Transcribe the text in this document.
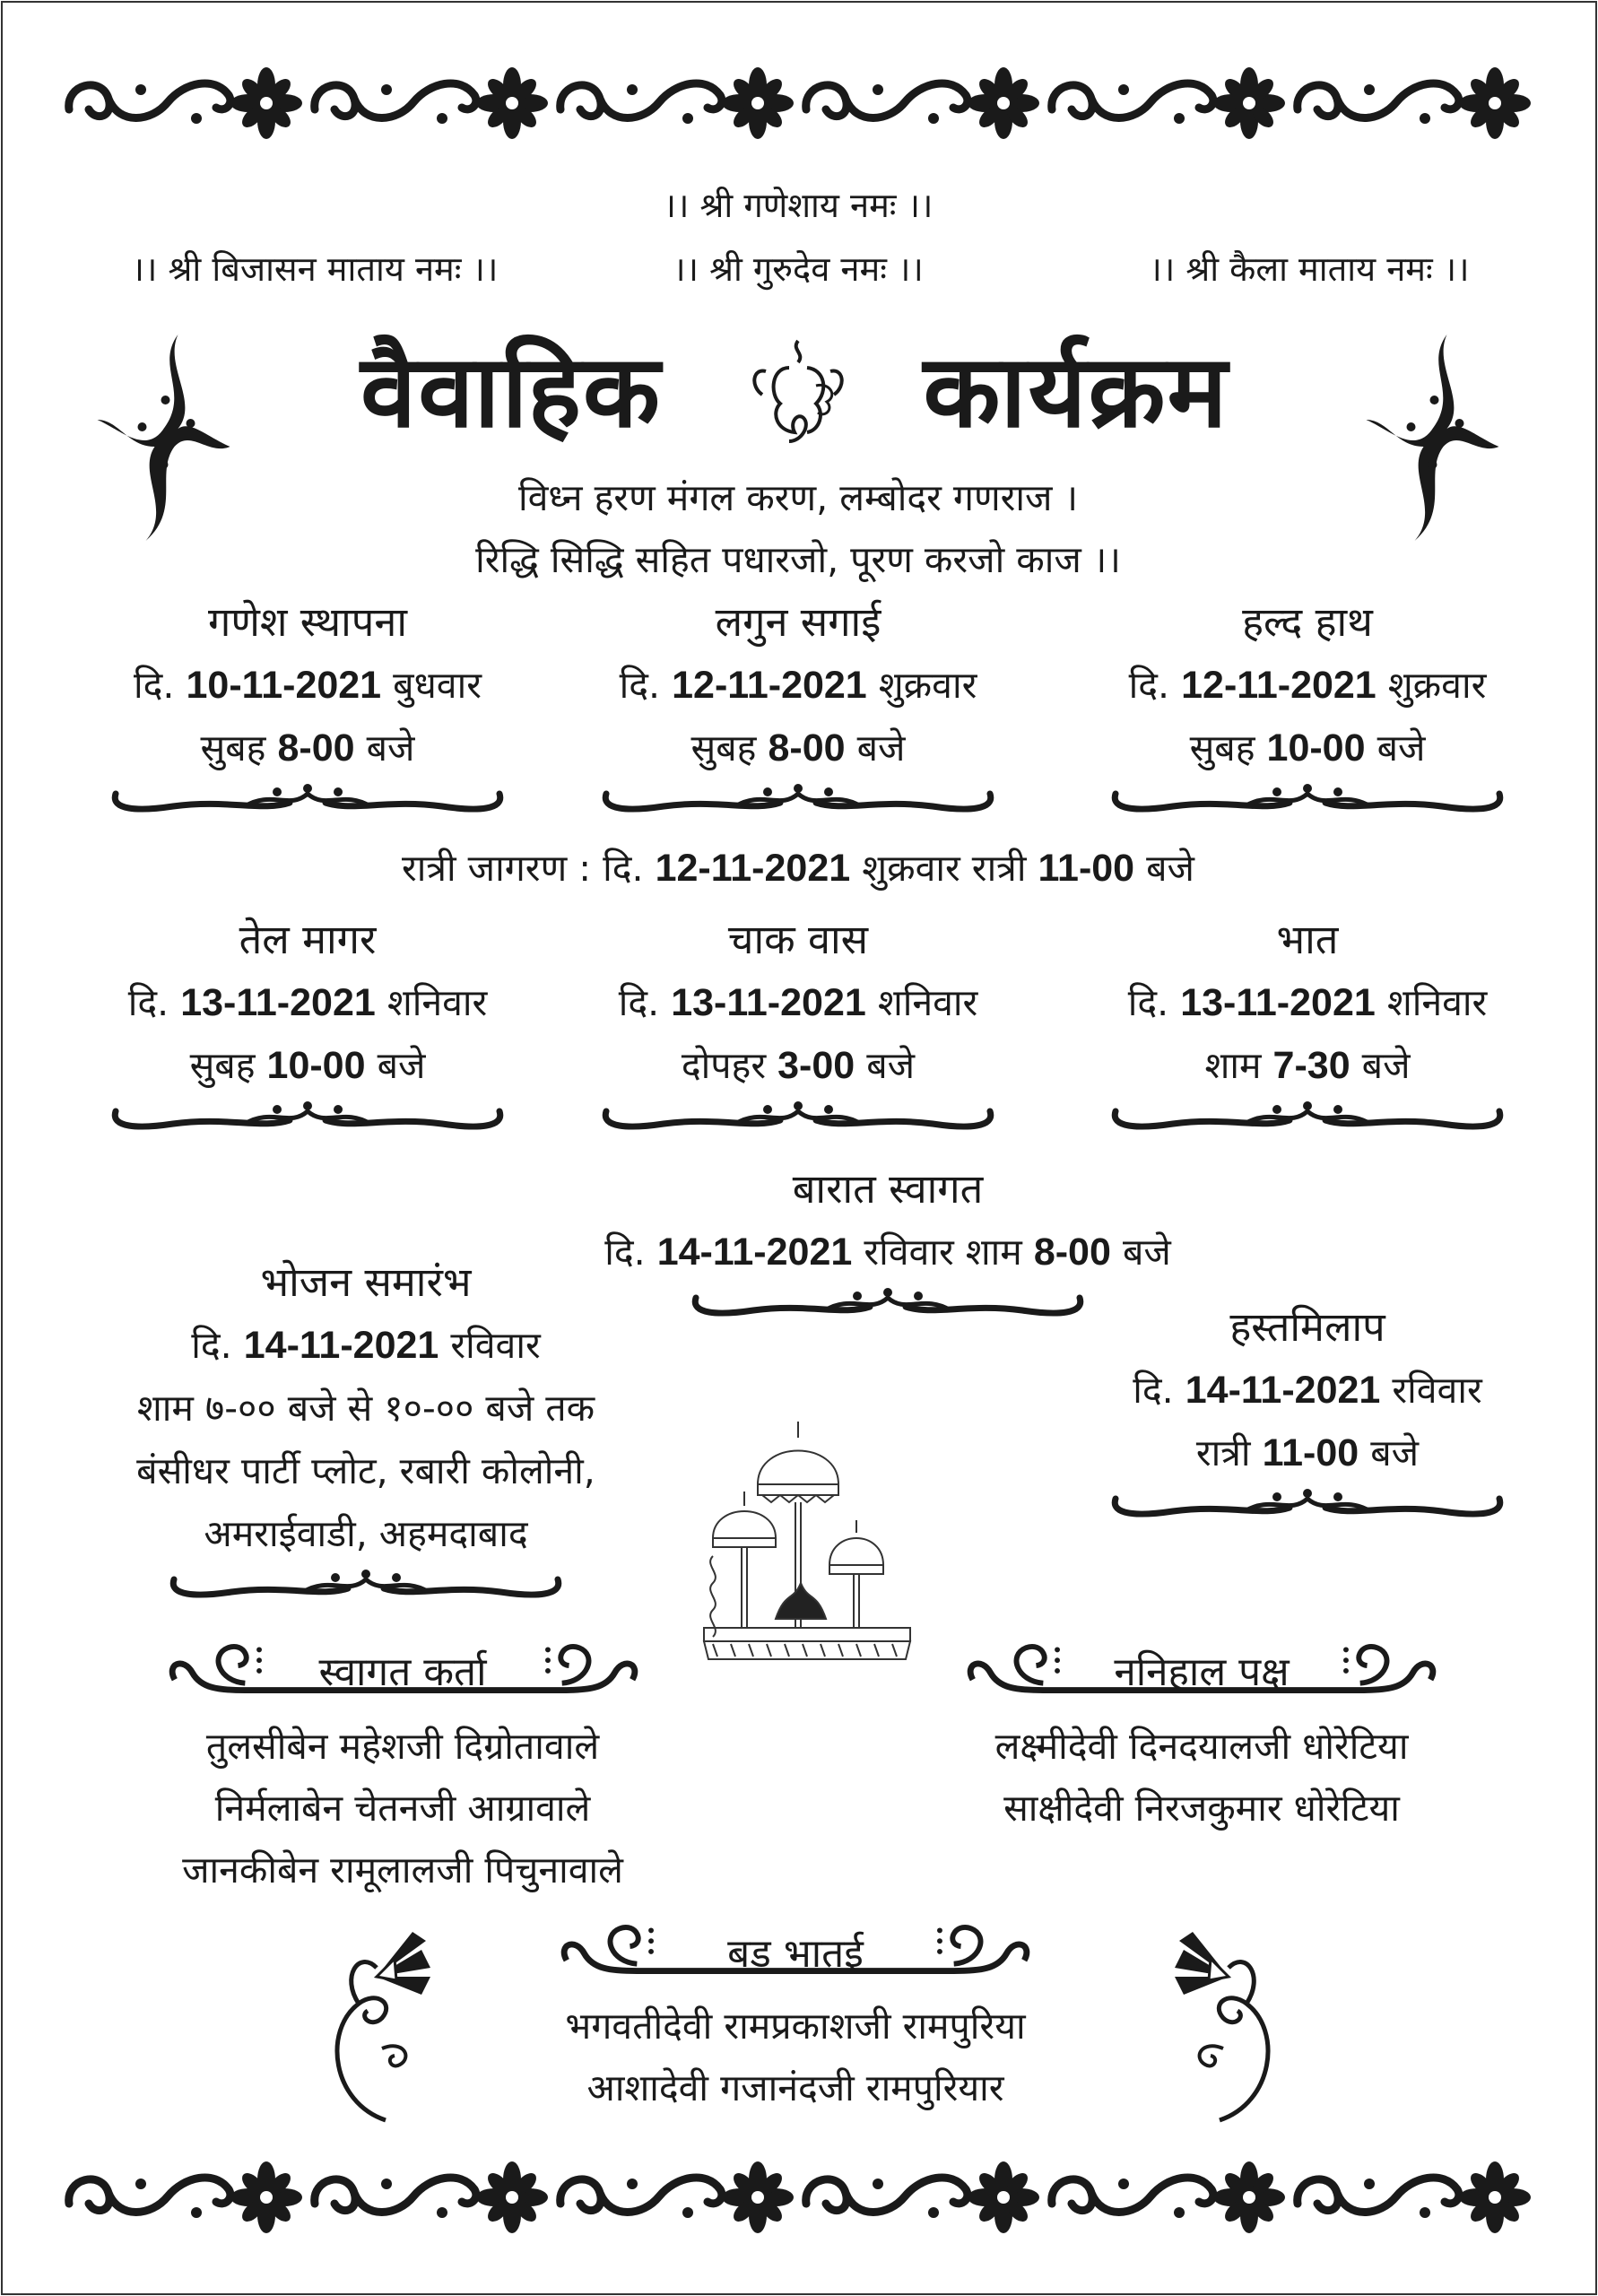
।। श्री गणेशाय नमः ।।
।। श्री बिजासन माताय नमः ।।	।। श्री गुरुदेव नमः ।।	।। श्री कैला माताय नमः ।।
वैवाहिक	कार्यक्रम
विध्न हरण मंगल करण, लम्बोदर गणराज ।
रिद्धि सिद्धि सहित पधारजो, पूरण करजो काज ।।
गणेश स्थापना
दि. 10-11-2021 बुधवार
सुबह 8-00 बजे
लगुन सगाई
दि. 12-11-2021 शुक्रवार
सुबह 8-00 बजे
हल्द हाथ
दि. 12-11-2021 शुक्रवार
सुबह 10-00 बजे
रात्री जागरण : दि. 12-11-2021 शुक्रवार रात्री 11-00 बजे
तेल मागर
दि. 13-11-2021 शनिवार
सुबह 10-00 बजे
चाक वास
दि. 13-11-2021 शनिवार
दोपहर 3-00 बजे
भात
दि. 13-11-2021 शनिवार
शाम 7-30 बजे
बारात स्वागत
दि. 14-11-2021 रविवार शाम 8-00 बजे
भोजन समारंभ
दि. 14-11-2021 रविवार
शाम ७-०० बजे से १०-०० बजे तक
बंसीधर पार्टी प्लोट, रबारी कोलोनी,
अमराईवाडी, अहमदाबाद
हस्तमिलाप
दि. 14-11-2021 रविवार
रात्री 11-00 बजे
स्वागत कर्ता
तुलसीबेन महेशजी दिग्रोतावाले
निर्मलाबेन चेतनजी आग्रावाले
जानकीबेन रामूलालजी पिचुनावाले
ननिहाल पक्ष
लक्ष्मीदेवी दिनदयालजी धोरेटिया
साक्षीदेवी निरजकुमार धोरेटिया
बड भातई
भगवतीदेवी रामप्रकाशजी रामपुरिया
आशादेवी गजानंदजी रामपुरियार
